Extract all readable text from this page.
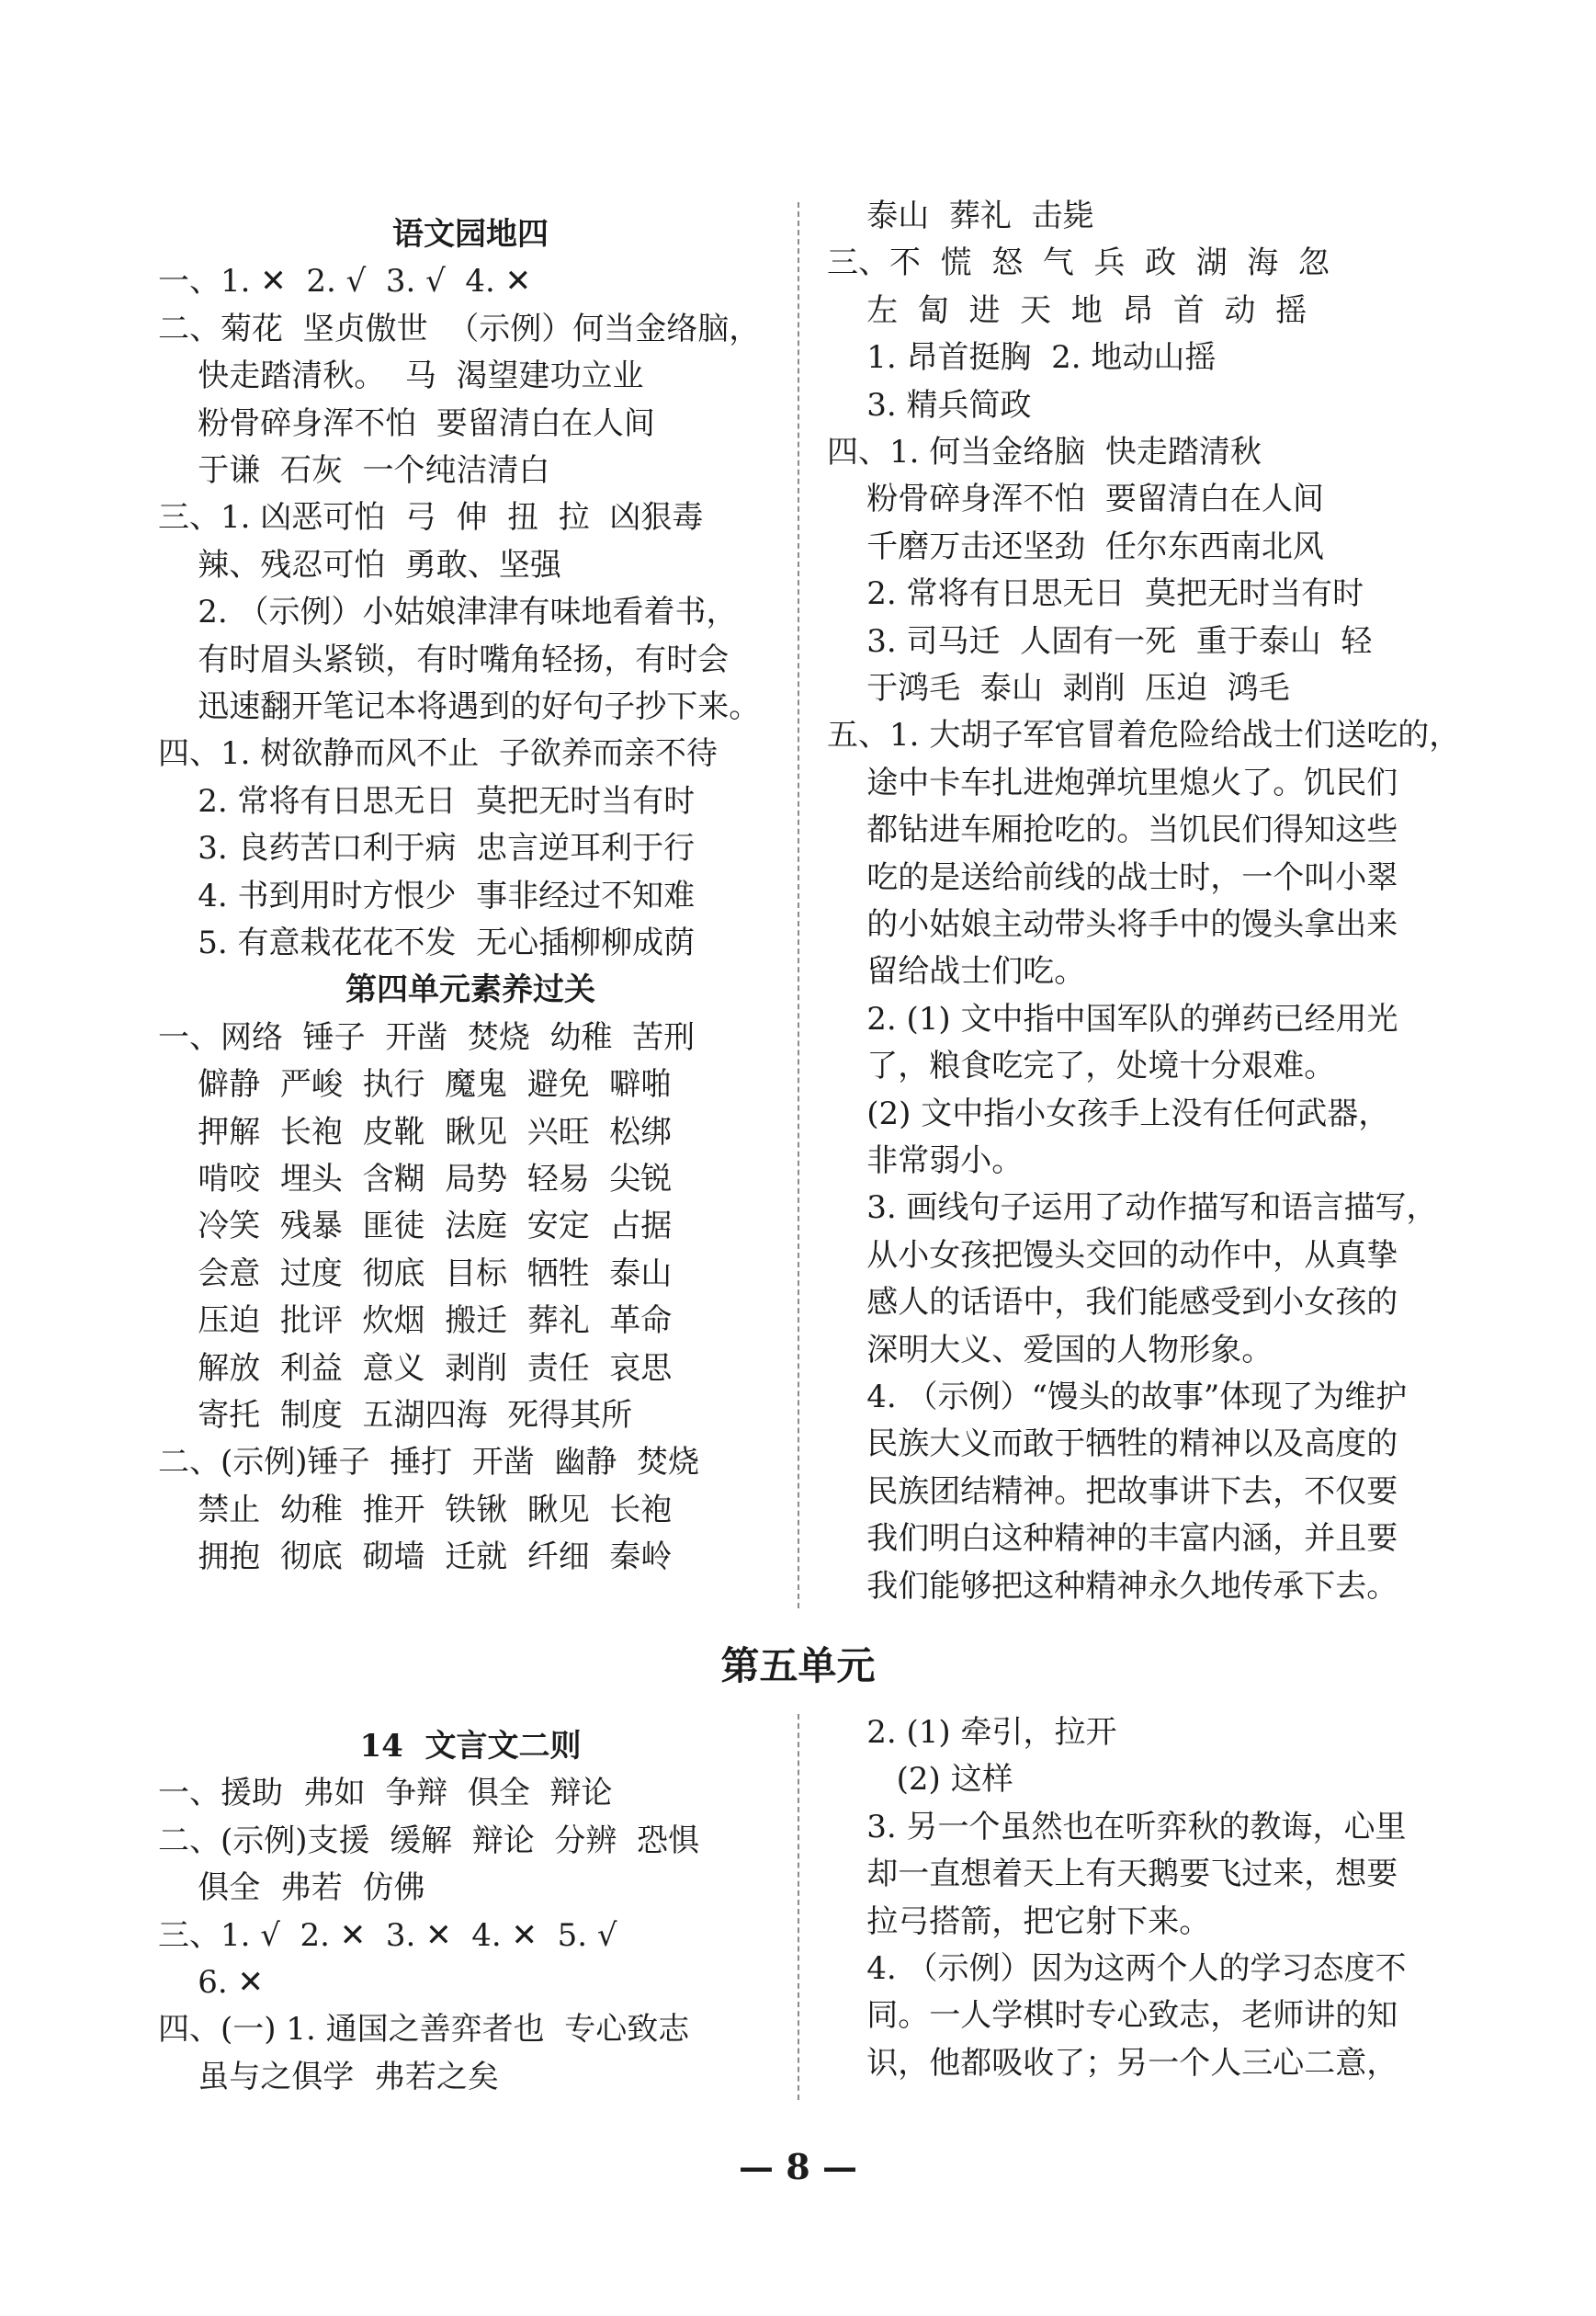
语文园地四
一、1. ✕  2. √  3. √  4. ✕
二、菊花  坚贞傲世  （示例）何当金络脑，
快走踏清秋。  马  渴望建功立业
粉骨碎身浑不怕  要留清白在人间
于谦  石灰  一个纯洁清白
三、1. 凶恶可怕  弓  伸  扭  拉  凶狠毒
辣、残忍可怕  勇敢、坚强
2. （示例）小姑娘津津有味地看着书，
有时眉头紧锁，有时嘴角轻扬，有时会
迅速翻开笔记本将遇到的好句子抄下来。
四、1. 树欲静而风不止  子欲养而亲不待
2. 常将有日思无日  莫把无时当有时
3. 良药苦口利于病  忠言逆耳利于行
4. 书到用时方恨少  事非经过不知难
5. 有意栽花花不发  无心插柳柳成荫
第四单元素养过关
一、网络  锤子  开凿  焚烧  幼稚  苦刑
僻静  严峻  执行  魔鬼  避免  噼啪
押解  长袍  皮靴  瞅见  兴旺  松绑
啃咬  埋头  含糊  局势  轻易  尖锐
冷笑  残暴  匪徒  法庭  安定  占据
会意  过度  彻底  目标  牺牲  泰山
压迫  批评  炊烟  搬迁  葬礼  革命
解放  利益  意义  剥削  责任  哀思
寄托  制度  五湖四海  死得其所
二、(示例)锤子  捶打  开凿  幽静  焚烧
禁止  幼稚  推开  铁锹  瞅见  长袍
拥抱  彻底  砌墙  迁就  纤细  秦岭
泰山  葬礼  击毙
三、不  慌  怒  气  兵  政  湖  海  忽
左  匐  进  天  地  昂  首  动  摇
1. 昂首挺胸  2. 地动山摇
3. 精兵简政
四、1. 何当金络脑  快走踏清秋
粉骨碎身浑不怕  要留清白在人间
千磨万击还坚劲  任尔东西南北风
2. 常将有日思无日  莫把无时当有时
3. 司马迁  人固有一死  重于泰山  轻
于鸿毛  泰山  剥削  压迫  鸿毛
五、1. 大胡子军官冒着危险给战士们送吃的，
途中卡车扎进炮弹坑里熄火了。饥民们
都钻进车厢抢吃的。当饥民们得知这些
吃的是送给前线的战士时，一个叫小翠
的小姑娘主动带头将手中的馒头拿出来
留给战士们吃。
2. (1) 文中指中国军队的弹药已经用光
了，粮食吃完了，处境十分艰难。
(2) 文中指小女孩手上没有任何武器，
非常弱小。
3. 画线句子运用了动作描写和语言描写，
从小女孩把馒头交回的动作中，从真挚
感人的话语中，我们能感受到小女孩的
深明大义、爱国的人物形象。
4. （示例）“馒头的故事”体现了为维护
民族大义而敢于牺牲的精神以及高度的
民族团结精神。把故事讲下去，不仅要
我们明白这种精神的丰富内涵，并且要
我们能够把这种精神永久地传承下去。
第五单元
14  文言文二则
一、援助  弗如  争辩  俱全  辩论
二、(示例)支援  缓解  辩论  分辨  恐惧
俱全  弗若  仿佛
三、1. √  2. ✕  3. ✕  4. ✕  5. √
6. ✕
四、(一) 1. 通国之善弈者也  专心致志
虽与之俱学  弗若之矣
2. (1) 牵引，拉开
(2) 这样
3. 另一个虽然也在听弈秋的教诲，心里
却一直想着天上有天鹅要飞过来，想要
拉弓搭箭，把它射下来。
4. （示例）因为这两个人的学习态度不
同。一人学棋时专心致志，老师讲的知
识，他都吸收了；另一个人三心二意，
— 8 —
